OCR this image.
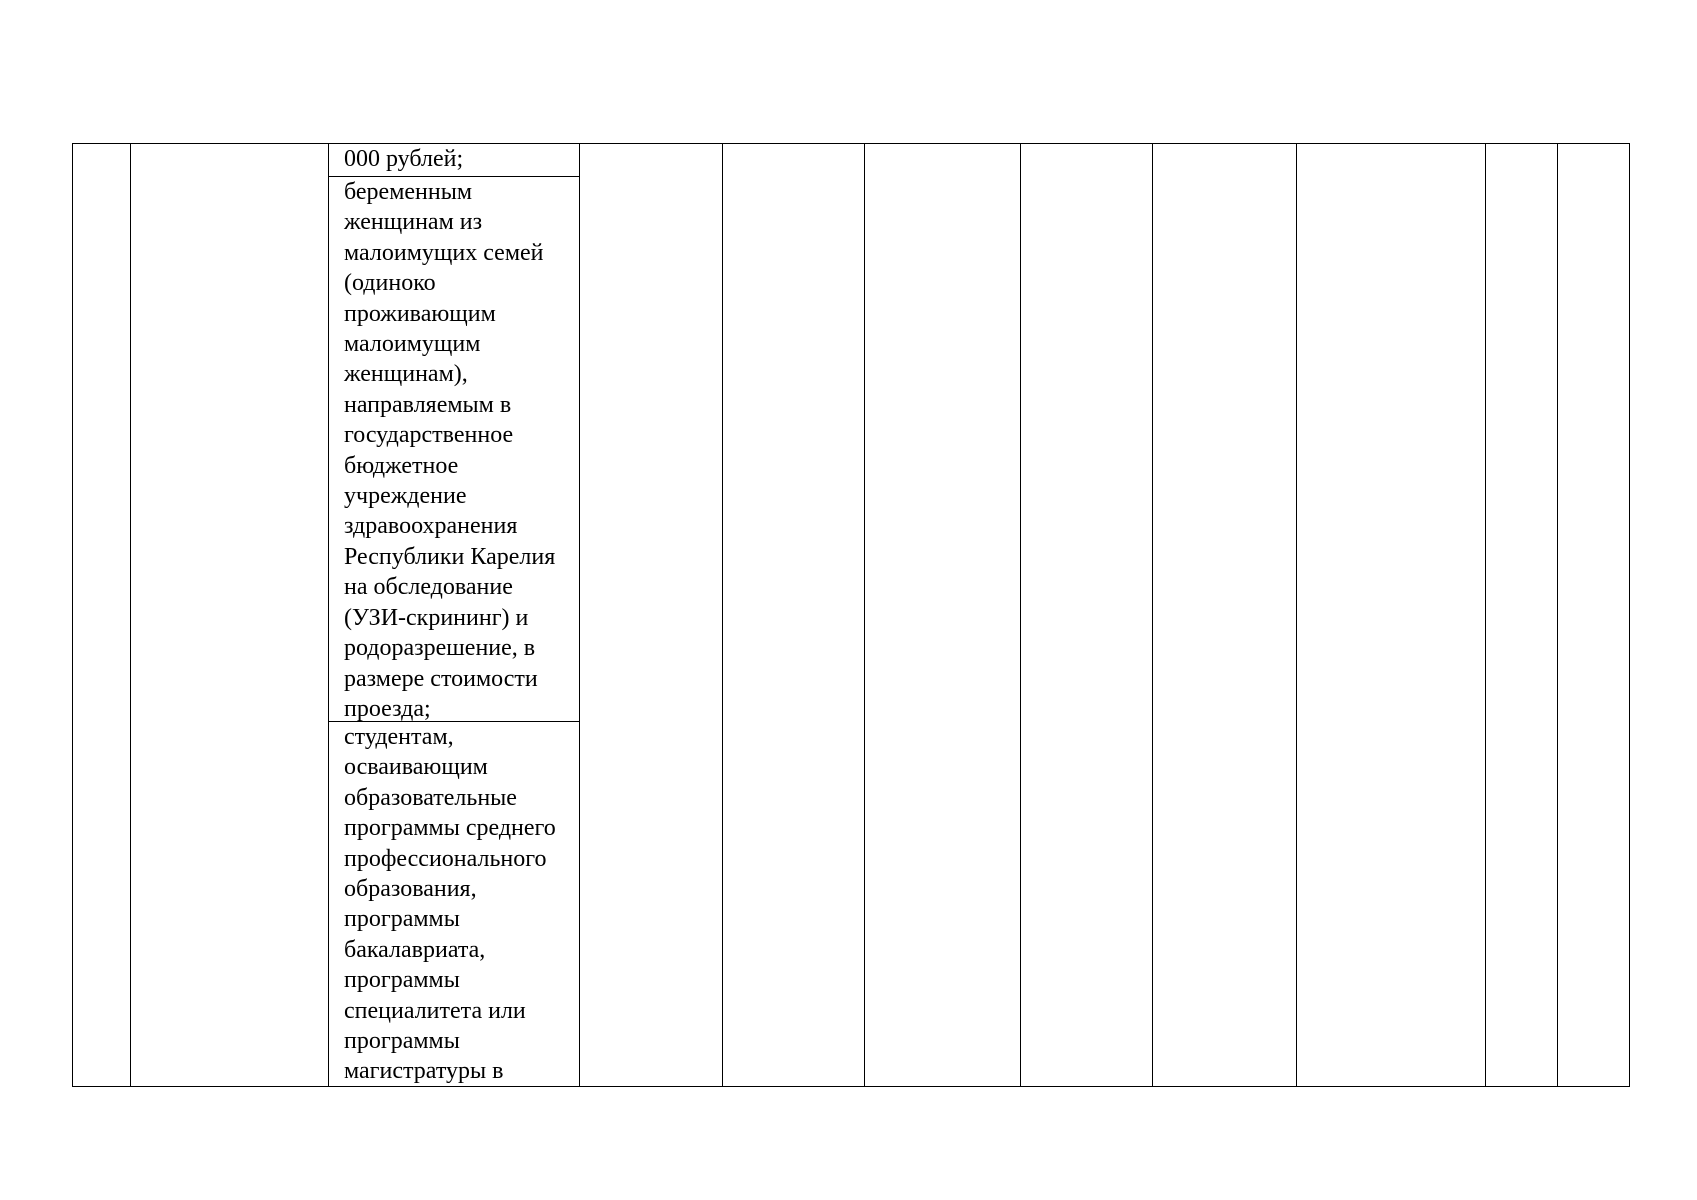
000 рублей;
беременным
женщинам из
малоимущих семей
(одиноко
проживающим
малоимущим
женщинам),
направляемым в
государственное
бюджетное
учреждение
здравоохранения
Республики Карелия
на обследование
(УЗИ-скрининг) и
родоразрешение, в
размере стоимости
проезда;
студентам,
осваивающим
образовательные
программы среднего
профессионального
образования,
программы
бакалавриата,
программы
специалитета или
программы
магистратуры в
